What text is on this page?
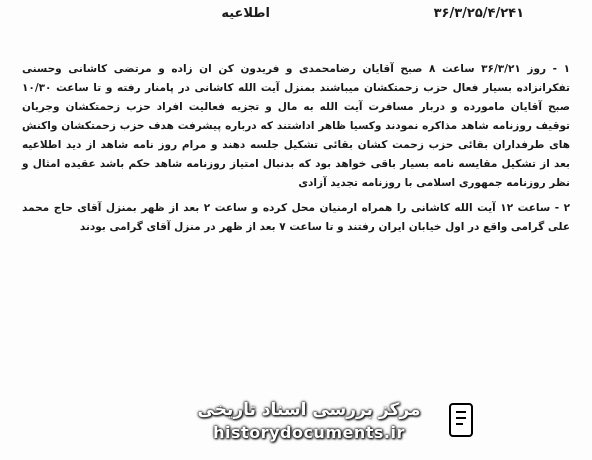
۳۶/۳/۲۵/۴/۲۴۱
اطلاعیه

۱ - روز ۳۶/۳/۲۱ ساعت ۸ صبح آقایان رضامحمدی و فریدون کن ان زاده و مرتضی کاشانی وحسنی تفکرانزاده بسیار فعال حزب زحمتکشان میباشند بمنزل آیت الله کاشانی در پامنار رفته و تا ساعت ۱۰/۳۰ صبح آقایان مامورده و دربار مسافرت آیت الله به مال و تجزیه فعالیت افراد حزب زحمتکشان وجریان توقیف روزنامه شاهد مذاکره نمودند وکسیا ظاهر اداشتند که درباره پیشرفت هدف حزب زحمتکشان واکنش های طرفداران بقائی حزب زحمت کشان بقائی تشکیل جلسه دهند و مرام روز نامه شاهد از دید اطلاعیه بعد از تشکیل مقایسه نامه بسیار باقی خواهد بود که بدنبال امتیاز روزنامه شاهد حکم باشد عقیده امثال و نظر روزنامه جمهوری اسلامی با روزنامه تجدید آزادی

۲ - ساعت ۱۲ آیت الله کاشانی را همراه ارمنیان محل کرده و ساعت ۲ بعد از ظهر بمنزل آقای حاج محمد علی گرامی واقع در اول خیابان ایران رفتند و تا ساعت ۷ بعد از ظهر در منزل آقای گرامی بودند

مرکز بررسی اسناد تاریخی
historydocuments.ir
